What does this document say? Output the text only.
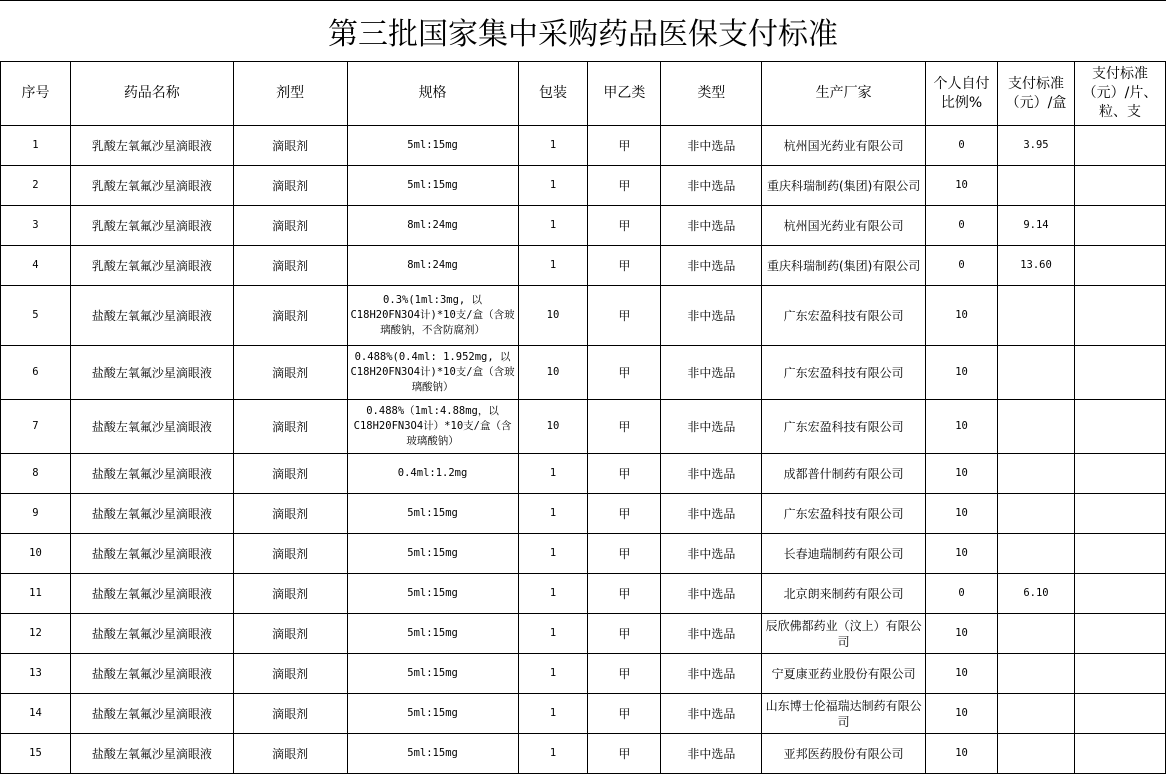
第三批国家集中采购药品医保支付标准
序号	药品名称	剂型	规格	包装	甲乙类	类型	生产厂家	个人自付比例%	支付标准（元）/盒	支付标准（元）/片、粒、支
1	乳酸左氧氟沙星滴眼液	滴眼剂	5ml:15mg	1	甲	非中选品	杭州国光药业有限公司	0	3.95	
2	乳酸左氧氟沙星滴眼液	滴眼剂	5ml:15mg	1	甲	非中选品	重庆科瑞制药(集团)有限公司	10		
3	乳酸左氧氟沙星滴眼液	滴眼剂	8ml:24mg	1	甲	非中选品	杭州国光药业有限公司	0	9.14	
4	乳酸左氧氟沙星滴眼液	滴眼剂	8ml:24mg	1	甲	非中选品	重庆科瑞制药(集团)有限公司	0	13.60	
5	盐酸左氧氟沙星滴眼液	滴眼剂	0.3%(1ml:3mg, 以C18H20FN3O4计)*10支/盒（含玻璃酸钠，不含防腐剂）	10	甲	非中选品	广东宏盈科技有限公司	10		
6	盐酸左氧氟沙星滴眼液	滴眼剂	0.488%(0.4ml: 1.952mg, 以C18H20FN3O4计)*10支/盒（含玻璃酸钠）	10	甲	非中选品	广东宏盈科技有限公司	10		
7	盐酸左氧氟沙星滴眼液	滴眼剂	0.488%（1ml:4.88mg，以C18H20FN3O4计）*10支/盒（含玻璃酸钠）	10	甲	非中选品	广东宏盈科技有限公司	10		
8	盐酸左氧氟沙星滴眼液	滴眼剂	0.4ml:1.2mg	1	甲	非中选品	成都普什制药有限公司	10		
9	盐酸左氧氟沙星滴眼液	滴眼剂	5ml:15mg	1	甲	非中选品	广东宏盈科技有限公司	10		
10	盐酸左氧氟沙星滴眼液	滴眼剂	5ml:15mg	1	甲	非中选品	长春迪瑞制药有限公司	10		
11	盐酸左氧氟沙星滴眼液	滴眼剂	5ml:15mg	1	甲	非中选品	北京朗来制药有限公司	0	6.10	
12	盐酸左氧氟沙星滴眼液	滴眼剂	5ml:15mg	1	甲	非中选品	辰欣佛都药业（汶上）有限公司	10		
13	盐酸左氧氟沙星滴眼液	滴眼剂	5ml:15mg	1	甲	非中选品	宁夏康亚药业股份有限公司	10		
14	盐酸左氧氟沙星滴眼液	滴眼剂	5ml:15mg	1	甲	非中选品	山东博士伦福瑞达制药有限公司	10		
15	盐酸左氧氟沙星滴眼液	滴眼剂	5ml:15mg	1	甲	非中选品	亚邦医药股份有限公司	10		
